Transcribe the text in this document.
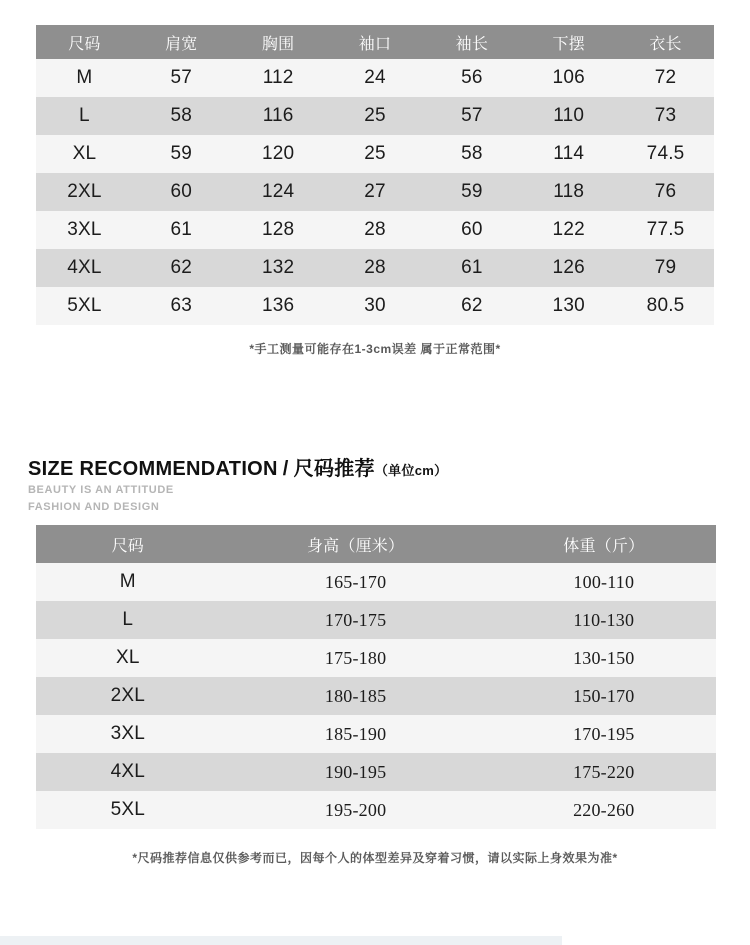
尺码	肩宽	胸围	袖口	袖长	下摆	衣长
M	57	112	24	56	106	72
L	58	116	25	57	110	73
XL	59	120	25	58	114	74.5
2XL	60	124	27	59	118	76
3XL	61	128	28	60	122	77.5
4XL	62	132	28	61	126	79
5XL	63	136	30	62	130	80.5
*手工测量可能存在1-3cm误差 属于正常范围*
SIZE RECOMMENDATION / 尺码推荐（单位cm）
BEAUTY IS AN ATTITUDE
FASHION AND DESIGN
尺码	身高（厘米）	体重（斤）
M	165-170	100-110
L	170-175	110-130
XL	175-180	130-150
2XL	180-185	150-170
3XL	185-190	170-195
4XL	190-195	175-220
5XL	195-200	220-260
*尺码推荐信息仅供参考而已，因每个人的体型差异及穿着习惯，请以实际上身效果为准*
